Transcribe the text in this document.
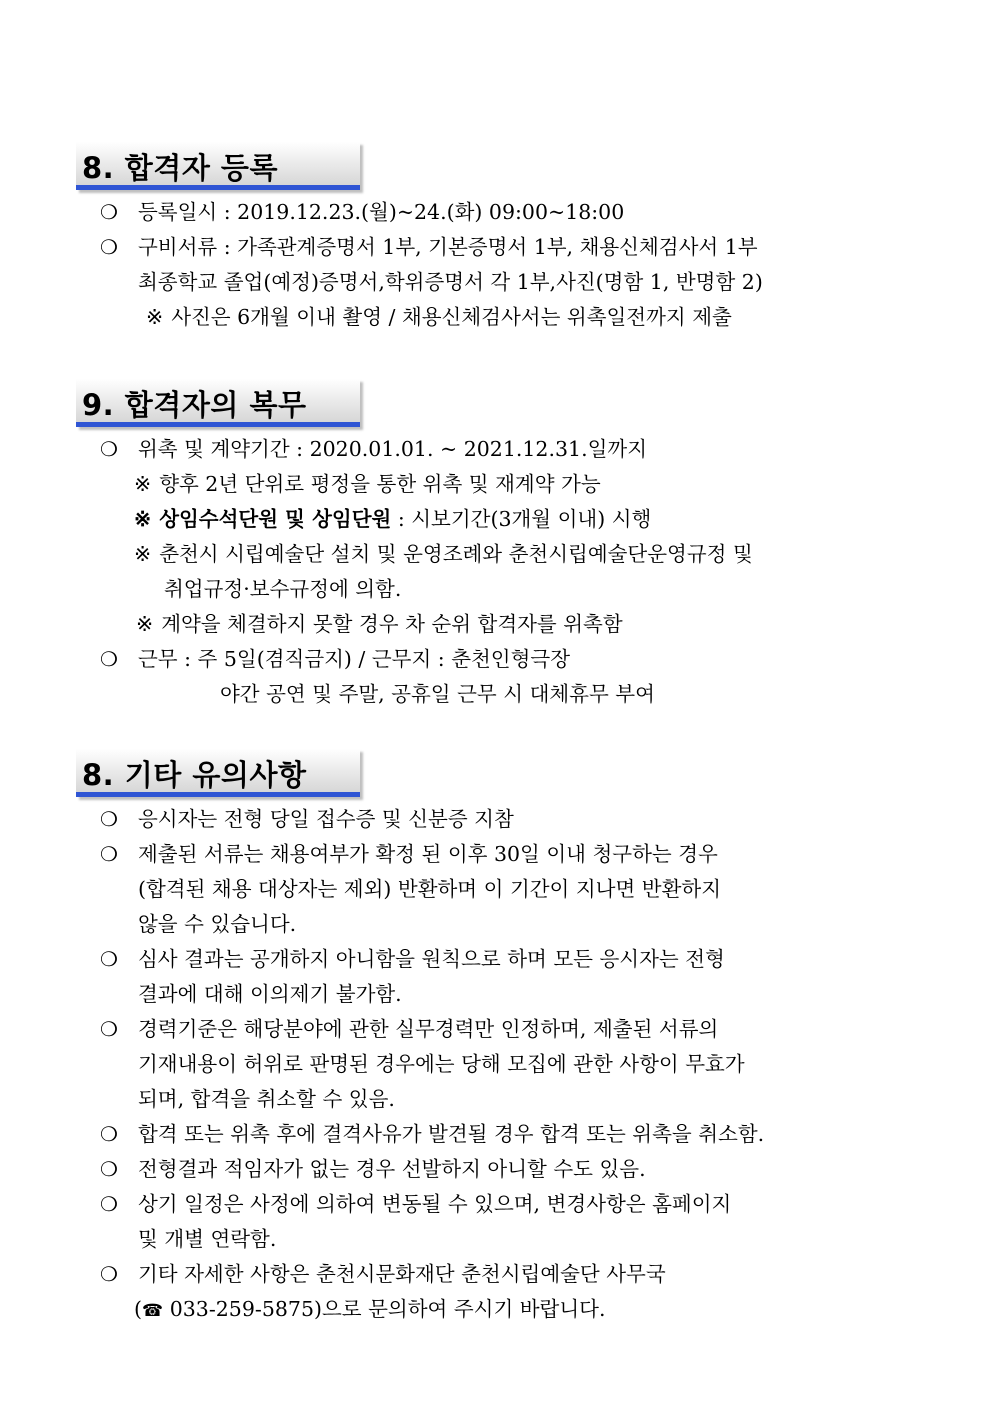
8. 합격자 등록
❍ 등록일시 : 2019.12.23.(월)~24.(화) 09:00~18:00
❍ 구비서류 : 가족관계증명서 1부, 기본증명서 1부, 채용신체검사서 1부
최종학교 졸업(예정)증명서,학위증명서 각 1부,사진(명함 1, 반명함 2)
※ 사진은 6개월 이내 촬영 / 채용신체검사서는 위촉일전까지 제출
9. 합격자의 복무
❍ 위촉 및 계약기간 : 2020.01.01. ~ 2021.12.31.일까지
※ 향후 2년 단위로 평정을 통한 위촉 및 재계약 가능
※ 상임수석단원 및 상임단원 : 시보기간(3개월 이내) 시행
※ 춘천시 시립예술단 설치 및 운영조례와 춘천시립예술단운영규정 및
취업규정·보수규정에 의함.
※ 계약을 체결하지 못할 경우 차 순위 합격자를 위촉함
❍ 근무 : 주 5일(겸직금지) / 근무지 : 춘천인형극장
야간 공연 및 주말, 공휴일 근무 시 대체휴무 부여
8. 기타 유의사항
❍ 응시자는 전형 당일 접수증 및 신분증 지참
❍ 제출된 서류는 채용여부가 확정 된 이후 30일 이내 청구하는 경우
(합격된 채용 대상자는 제외) 반환하며 이 기간이 지나면 반환하지
않을 수 있습니다.
❍ 심사 결과는 공개하지 아니함을 원칙으로 하며 모든 응시자는 전형
결과에 대해 이의제기 불가함.
❍ 경력기준은 해당분야에 관한 실무경력만 인정하며, 제출된 서류의
기재내용이 허위로 판명된 경우에는 당해 모집에 관한 사항이 무효가
되며, 합격을 취소할 수 있음.
❍ 합격 또는 위촉 후에 결격사유가 발견될 경우 합격 또는 위촉을 취소함.
❍ 전형결과 적임자가 없는 경우 선발하지 아니할 수도 있음.
❍ 상기 일정은 사정에 의하여 변동될 수 있으며, 변경사항은 홈페이지
및 개별 연락함.
❍ 기타 자세한 사항은 춘천시문화재단 춘천시립예술단 사무국
(☎ 033-259-5875)으로 문의하여 주시기 바랍니다.
